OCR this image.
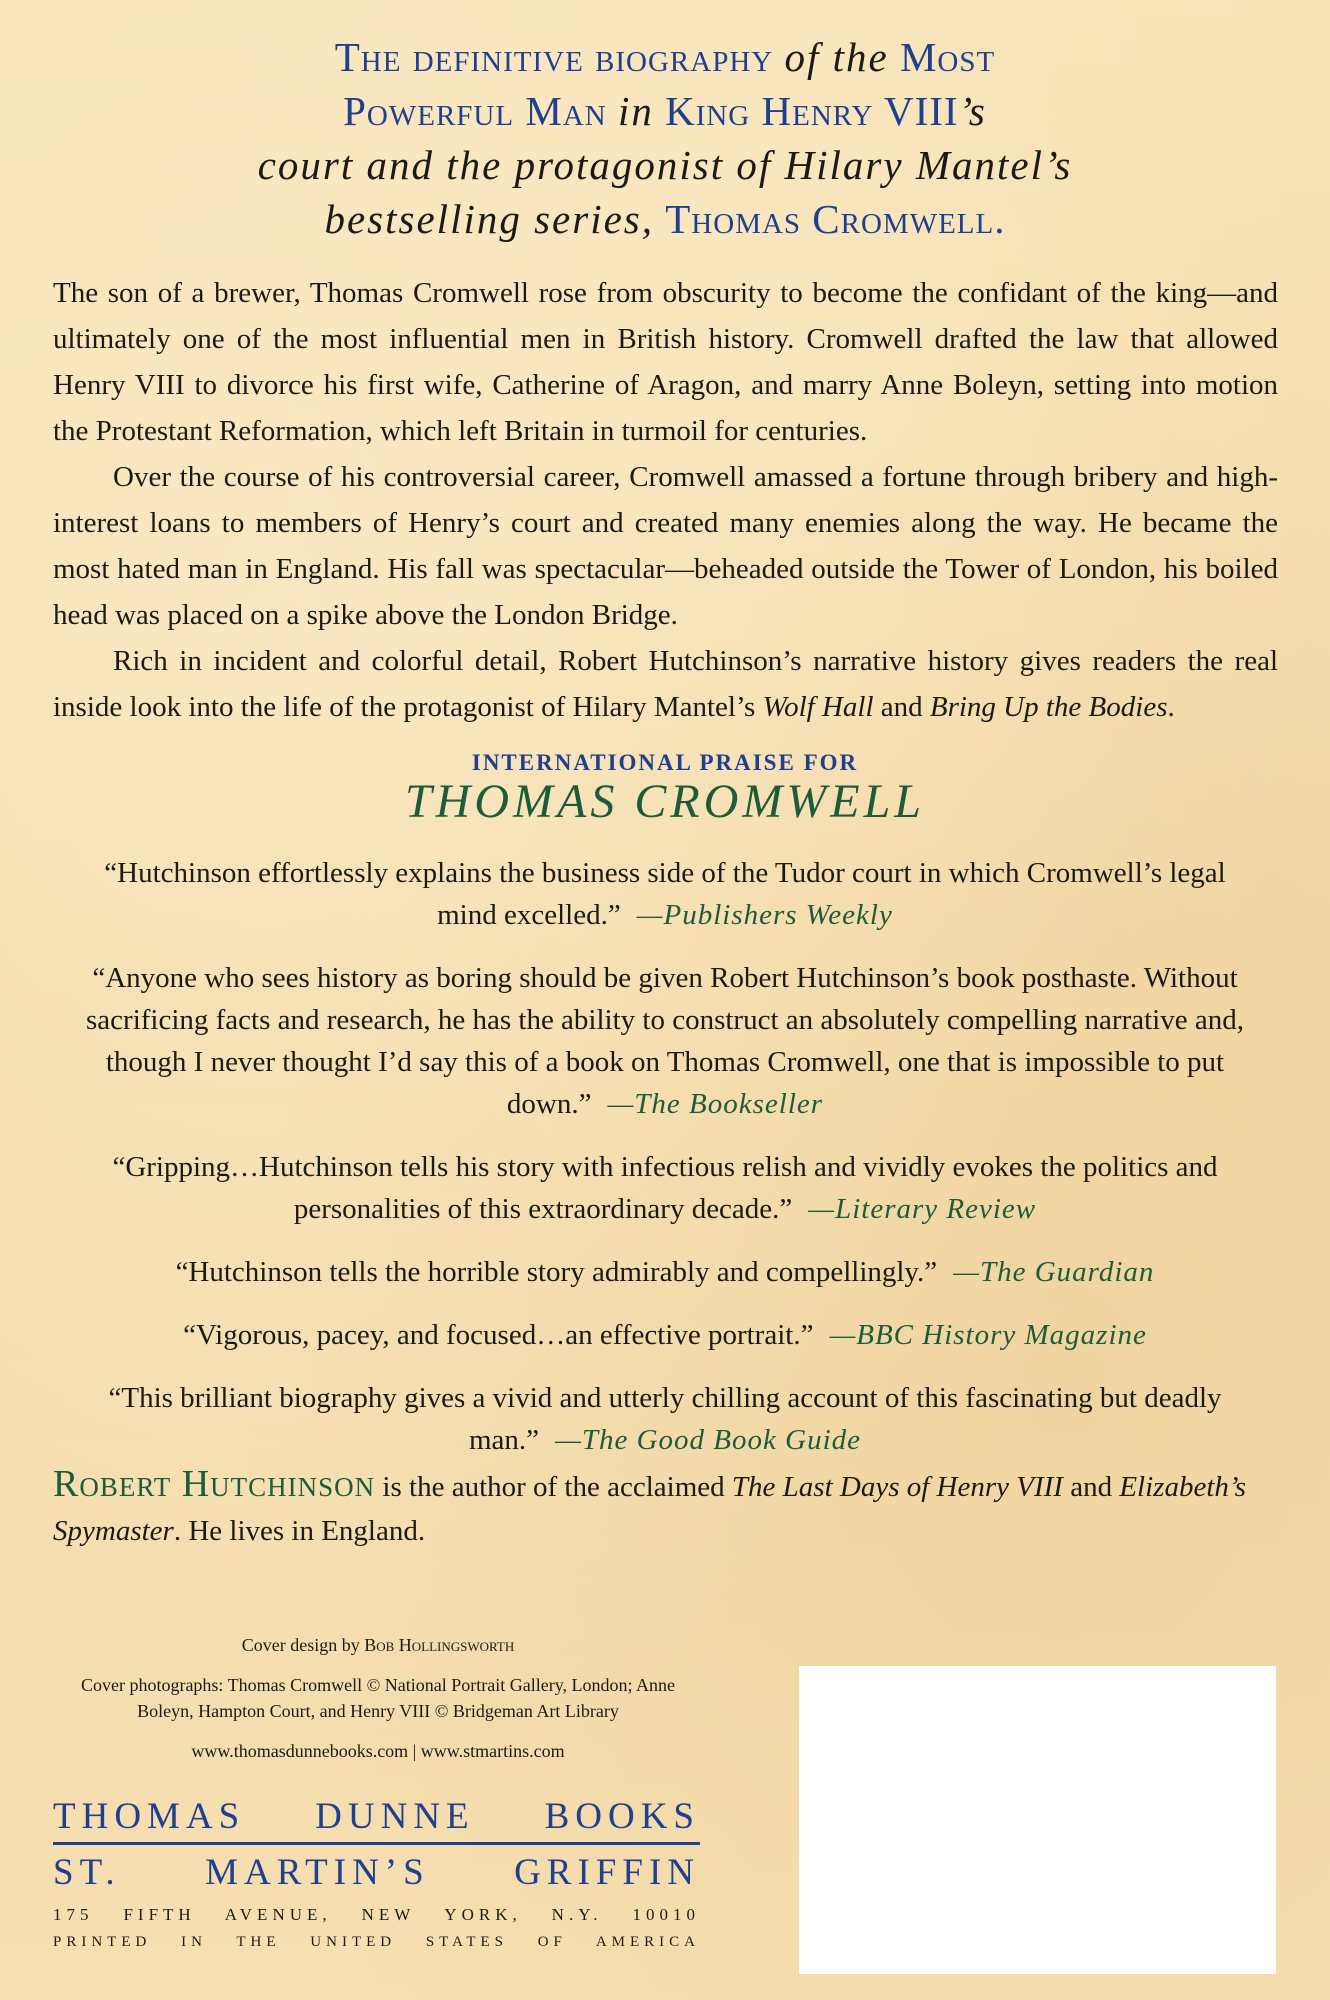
The definitive biography of the Most
Powerful Man in King Henry VIII’s
court and the protagonist of Hilary Mantel’s
bestselling series, Thomas Cromwell.

The son of a brewer, Thomas Cromwell rose from obscurity to become the confidant of the king—and ultimately one of the most influential men in British history. Cromwell drafted the law that allowed Henry VIII to divorce his first wife, Catherine of Aragon, and marry Anne Boleyn, setting into motion the Protestant Reformation, which left Britain in turmoil for centuries.

Over the course of his controversial career, Cromwell amassed a fortune through bribery and high-interest loans to members of Henry’s court and created many enemies along the way. He became the most hated man in England. His fall was spectacular—beheaded outside the Tower of London, his boiled head was placed on a spike above the London Bridge.

Rich in incident and colorful detail, Robert Hutchinson’s narrative history gives readers the real inside look into the life of the protagonist of Hilary Mantel’s Wolf Hall and Bring Up the Bodies.

INTERNATIONAL PRAISE FOR
THOMAS CROMWELL
“Hutchinson effortlessly explains the business side of the Tudor court in which Cromwell’s legal mind excelled.” —Publishers Weekly
“Anyone who sees history as boring should be given Robert Hutchinson’s book posthaste. Without sacrificing facts and research, he has the ability to construct an absolutely compelling narrative and, though I never thought I’d say this of a book on Thomas Cromwell, one that is impossible to put down.” —The Bookseller
“Gripping…Hutchinson tells his story with infectious relish and vividly evokes the politics and personalities of this extraordinary decade.” —Literary Review
“Hutchinson tells the horrible story admirably and compellingly.” —The Guardian
“Vigorous, pacey, and focused…an effective portrait.” —BBC History Magazine
“This brilliant biography gives a vivid and utterly chilling account of this fascinating but deadly man.” —The Good Book Guide
Robert Hutchinson is the author of the acclaimed The Last Days of Henry VIII and Elizabeth’s Spymaster. He lives in England.
Cover design by Bob Hollingsworth
Cover photographs: Thomas Cromwell © National Portrait Gallery, London; Anne Boleyn, Hampton Court, and Henry VIII © Bridgeman Art Library
www.thomasdunnebooks.com | www.stmartins.com
THOMAS DUNNE BOOKS
ST. MARTIN’S GRIFFIN
175 FIFTH AVENUE, NEW YORK, N.Y. 10010
PRINTED IN THE UNITED STATES OF AMERICA
